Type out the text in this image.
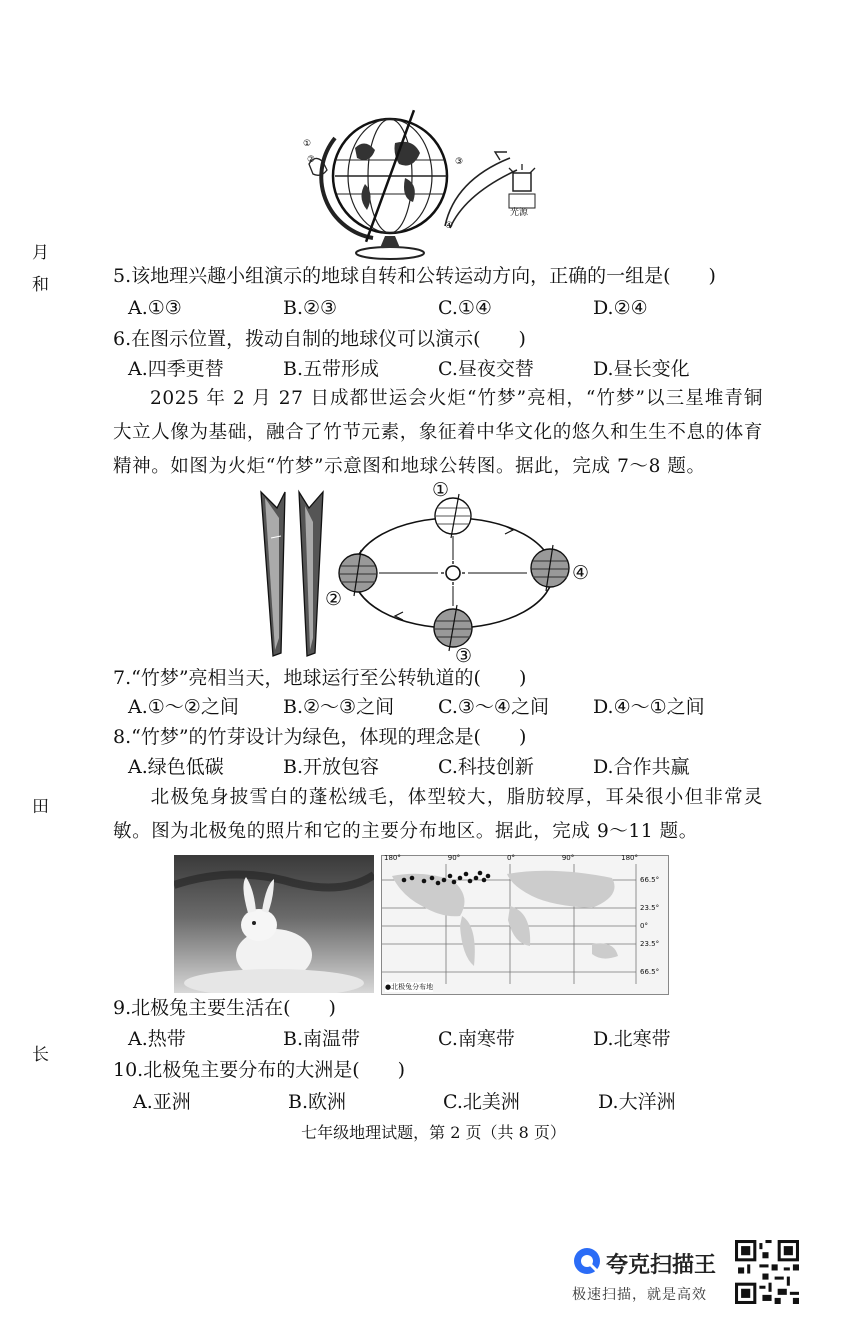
月
和
⽥
长
①
②	③
④
光源
5.该地理兴趣小组演示的地球自转和公转运动方向，正确的一组是(　　)
A.①③	B.②③	C.①④	D.②④
6.在图示位置，拨动自制的地球仪可以演示(　　)
A.四季更替	B.五带形成	C.昼夜交替	D.昼长变化
2025 年 2 月 27 日成都世运会火炬“竹梦”亮相，“竹梦”以三星堆青铜大立人像为基础，融合了竹节元素，象征着中华文化的悠久和生生不息的体育精神。如图为火炬“竹梦”示意图和地球公转图。据此，完成 7～8 题。
①
②
③
④
7.“竹梦”亮相当天，地球运行至公转轨道的(　　)
A.①～②之间	B.②～③之间	C.③～④之间	D.④～①之间
8.“竹梦”的竹芽设计为绿色，体现的理念是(　　)
A.绿色低碳	B.开放包容	C.科技创新	D.合作共赢
北极兔身披雪白的蓬松绒毛，体型较大，脂肪较厚，耳朵很小但非常灵敏。图为北极兔的照片和它的主要分布地区。据此，完成 9～11 题。
180°	90°	0°	90°	180°
66.5°
23.5°
0°
23.5°
66.5°
●北极兔分布地
9.北极兔主要生活在(　　)
A.热带	B.南温带	C.南寒带	D.北寒带
10.北极兔主要分布的大洲是(　　)
A.亚洲	B.欧洲	C.北美洲	D.大洋洲
七年级地理试题，第 2 页（共 8 页）
夸克扫描王
极速扫描，就是高效
